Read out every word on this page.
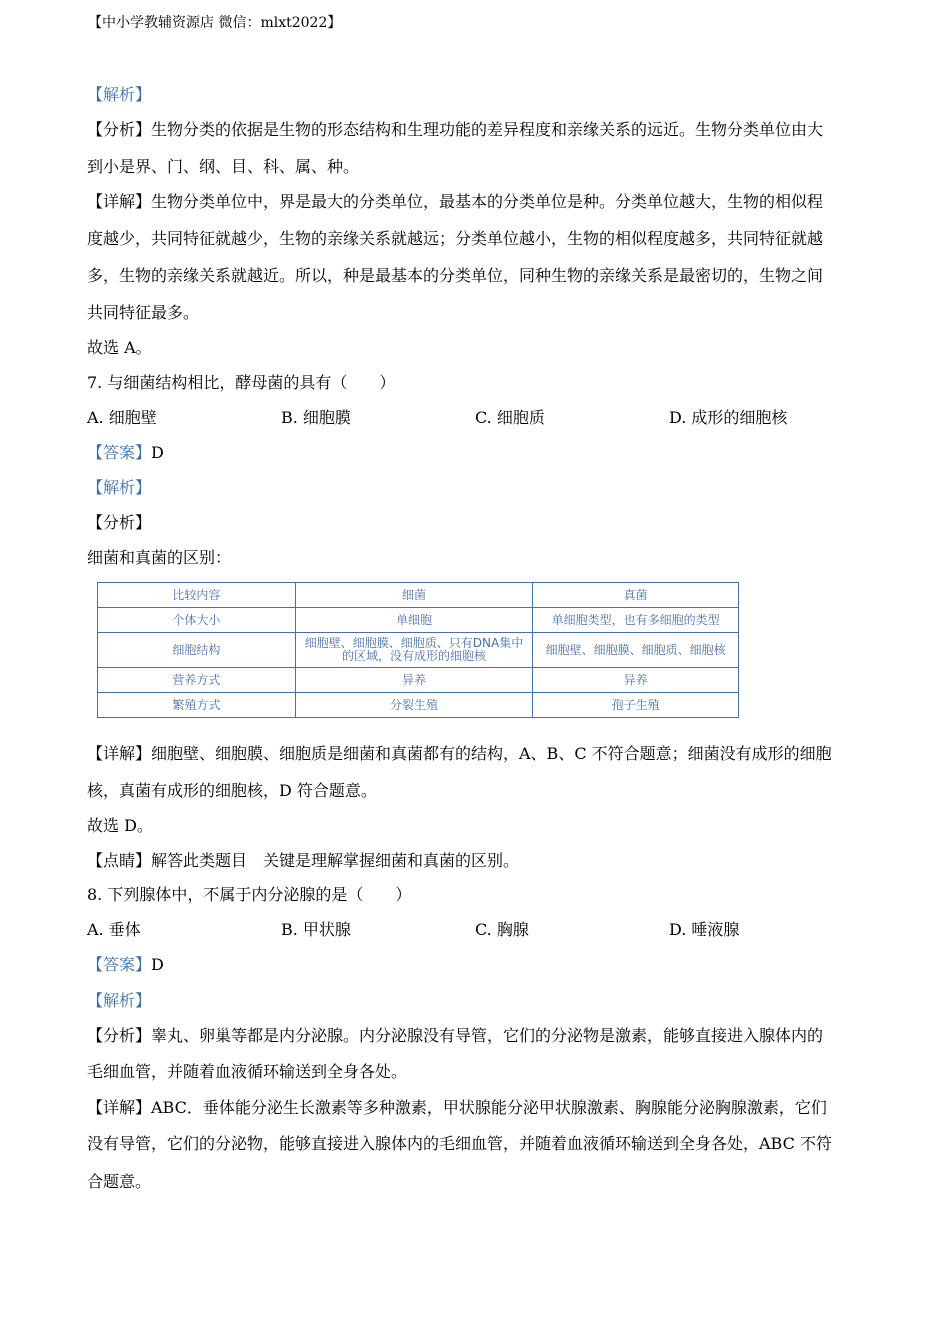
【中小学教辅资源店 微信：mlxt2022】
【解析】
【分析】生物分类的依据是生物的形态结构和生理功能的差异程度和亲缘关系的远近。生物分类单位由大
到小是界、门、纲、目、科、属、种。
【详解】生物分类单位中，界是最大的分类单位，最基本的分类单位是种。分类单位越大，生物的相似程
度越少，共同特征就越少，生物的亲缘关系就越远；分类单位越小，生物的相似程度越多，共同特征就越
多，生物的亲缘关系就越近。所以，种是最基本的分类单位，同种生物的亲缘关系是最密切的，生物之间
共同特征最多。
故选 A。
7. 与细菌结构相比，酵母菌的具有（　　）
A. 细胞壁	B. 细胞膜	C. 细胞质	D. 成形的细胞核
【答案】D
【解析】
【分析】
细菌和真菌的区别：
比较内容	细菌	真菌
个体大小	单细胞	单细胞类型，也有多细胞的类型
细胞结构	细胞壁、细胞膜、细胞质、只有DNA集中的区域，没有成形的细胞核	细胞壁、细胞膜、细胞质、细胞核
营养方式	异养	异养
繁殖方式	分裂生殖	孢子生殖
【详解】细胞壁、细胞膜、细胞质是细菌和真菌都有的结构，A、B、C 不符合题意；细菌没有成形的细胞
核，真菌有成形的细胞核，D 符合题意。
故选 D。
【点睛】解答此类题目　关键是理解掌握细菌和真菌的区别。
8. 下列腺体中，不属于内分泌腺的是（　　）
A. 垂体	B. 甲状腺	C. 胸腺	D. 唾液腺
【答案】D
【解析】
【分析】睾丸、卵巢等都是内分泌腺。内分泌腺没有导管，它们的分泌物是激素，能够直接进入腺体内的
毛细血管，并随着血液循环输送到全身各处。
【详解】ABC．垂体能分泌生长激素等多种激素，甲状腺能分泌甲状腺激素、胸腺能分泌胸腺激素，它们
没有导管，它们的分泌物，能够直接进入腺体内的毛细血管，并随着血液循环输送到全身各处，ABC 不符
合题意。
